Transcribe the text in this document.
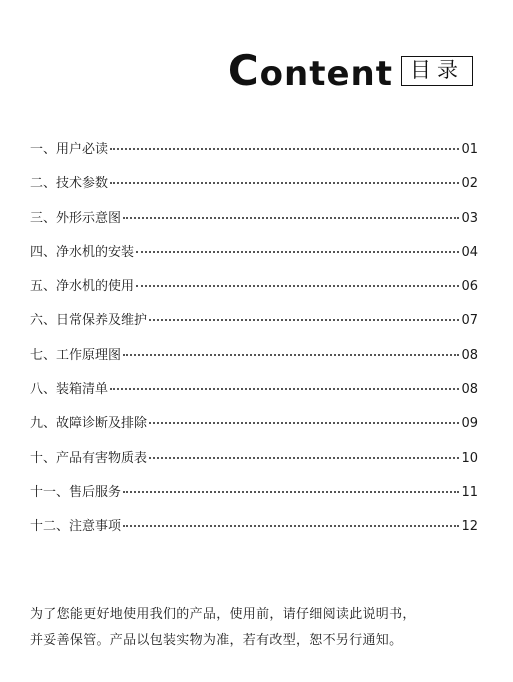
Content 目录
一、用户必读	01
二、技术参数	02
三、外形示意图	03
四、净水机的安装	04
五、净水机的使用	06
六、日常保养及维护	07
七、工作原理图	08
八、装箱清单	08
九、故障诊断及排除	09
十、产品有害物质表	10
十一、售后服务	11
十二、注意事项	12

为了您能更好地使用我们的产品，使用前，请仔细阅读此说明书，

并妥善保管。产品以包装实物为准，若有改型，恕不另行通知。
